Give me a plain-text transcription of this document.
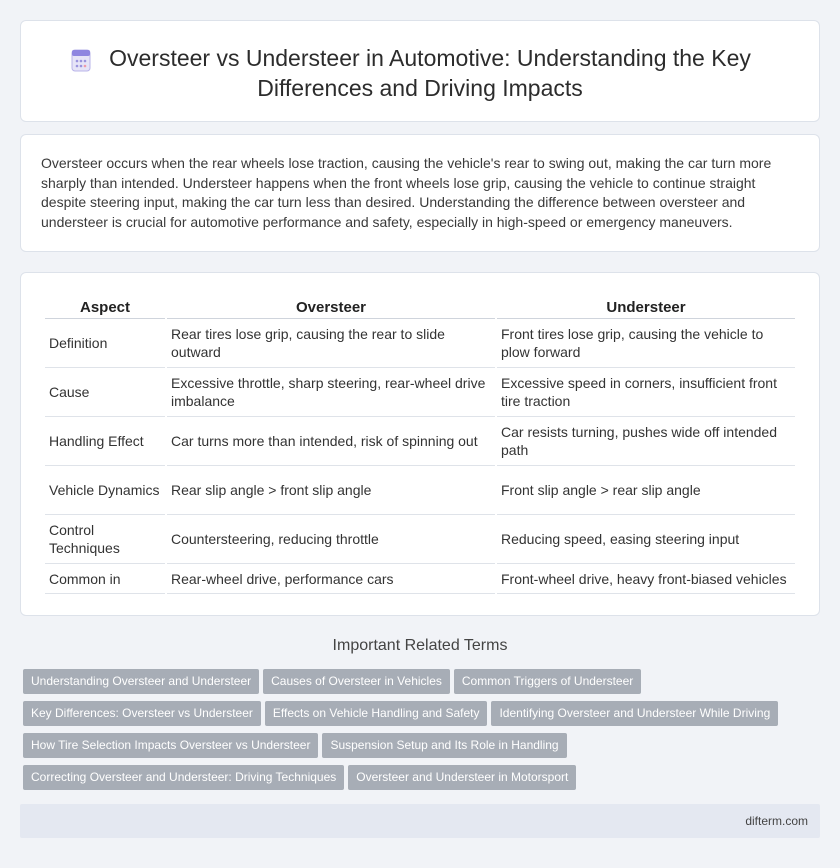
Oversteer vs Understeer in Automotive: Understanding the Key Differences and Driving Impacts

Oversteer occurs when the rear wheels lose traction, causing the vehicle's rear to swing out, making the car turn more sharply than intended. Understeer happens when the front wheels lose grip, causing the vehicle to continue straight despite steering input, making the car turn less than desired. Understanding the difference between oversteer and understeer is crucial for automotive performance and safety, especially in high-speed or emergency maneuvers.

Aspect	Oversteer	Understeer
Definition	Rear tires lose grip, causing the rear to slide outward	Front tires lose grip, causing the vehicle to plow forward
Cause	Excessive throttle, sharp steering, rear-wheel drive imbalance	Excessive speed in corners, insufficient front tire traction
Handling Effect	Car turns more than intended, risk of spinning out	Car resists turning, pushes wide off intended path
Vehicle Dynamics	Rear slip angle > front slip angle	Front slip angle > rear slip angle
Control Techniques	Countersteering, reducing throttle	Reducing speed, easing steering input
Common in	Rear-wheel drive, performance cars	Front-wheel drive, heavy front-biased vehicles
Important Related Terms
Understanding Oversteer and Understeer Causes of Oversteer in Vehicles Common Triggers of Understeer
Key Differences: Oversteer vs Understeer Effects on Vehicle Handling and Safety Identifying Oversteer and Understeer While Driving
How Tire Selection Impacts Oversteer vs Understeer Suspension Setup and Its Role in Handling
Correcting Oversteer and Understeer: Driving Techniques Oversteer and Understeer in Motorsport
difterm.com
